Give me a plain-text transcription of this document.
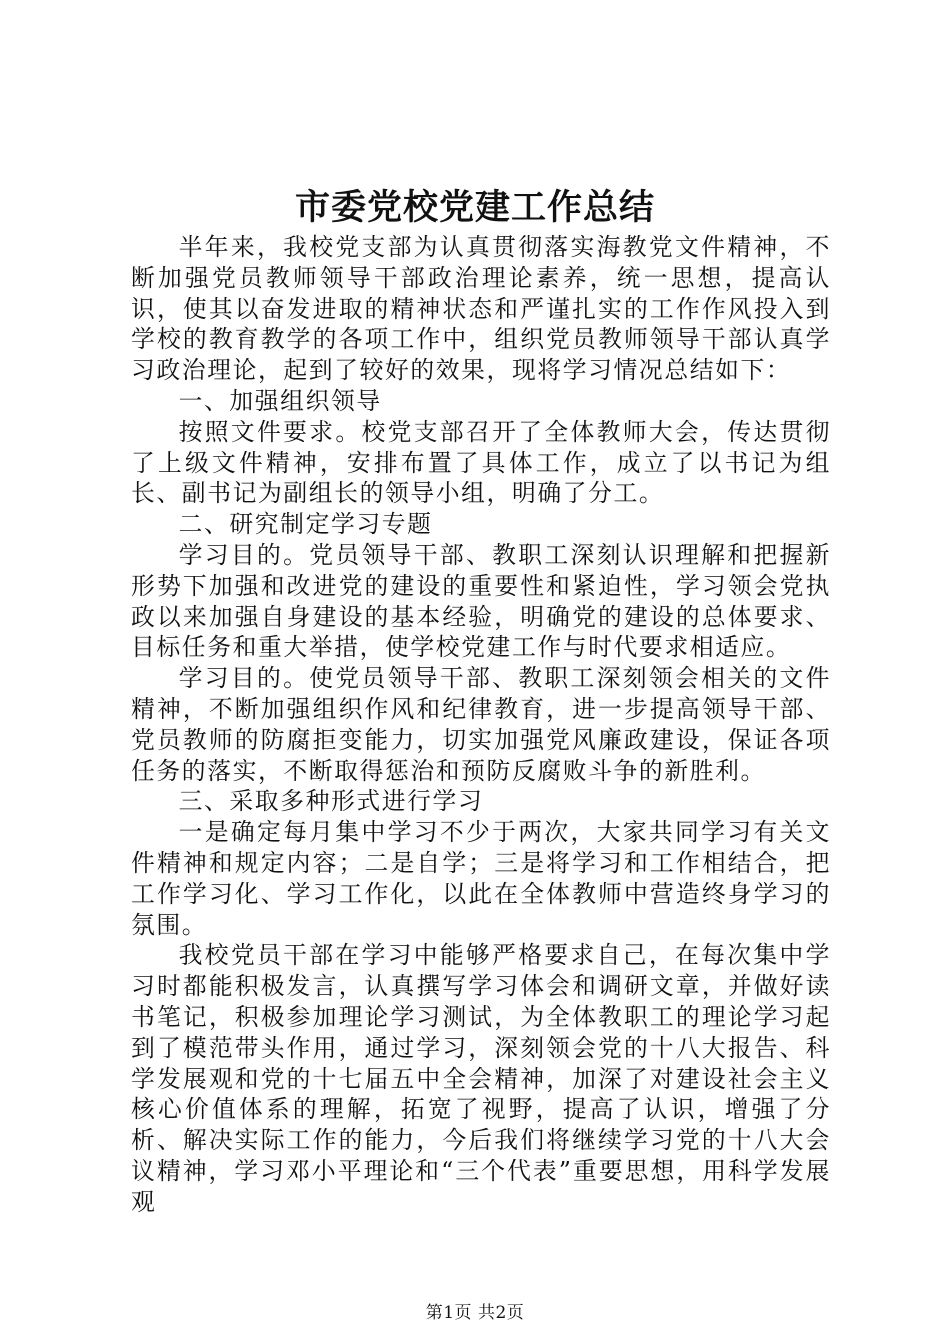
市委党校党建工作总结

半年来，我校党支部为认真贯彻落实海教党文件精神，不断加强党员教师领导干部政治理论素养，统一思想，提高认识，使其以奋发进取的精神状态和严谨扎实的工作作风投入到学校的教育教学的各项工作中，组织党员教师领导干部认真学习政治理论，起到了较好的效果，现将学习情况总结如下：

一、加强组织领导

按照文件要求。校党支部召开了全体教师大会，传达贯彻了上级文件精神，安排布置了具体工作，成立了以书记为组长、副书记为副组长的领导小组，明确了分工。

二、研究制定学习专题

学习目的。党员领导干部、教职工深刻认识理解和把握新形势下加强和改进党的建设的重要性和紧迫性，学习领会党执政以来加强自身建设的基本经验，明确党的建设的总体要求、目标任务和重大举措，使学校党建工作与时代要求相适应。

学习目的。使党员领导干部、教职工深刻领会相关的文件精神，不断加强组织作风和纪律教育，进一步提高领导干部、党员教师的防腐拒变能力，切实加强党风廉政建设，保证各项任务的落实，不断取得惩治和预防反腐败斗争的新胜利。

三、采取多种形式进行学习

一是确定每月集中学习不少于两次，大家共同学习有关文件精神和规定内容；二是自学；三是将学习和工作相结合，把工作学习化、学习工作化，以此在全体教师中营造终身学习的氛围。

我校党员干部在学习中能够严格要求自己，在每次集中学习时都能积极发言，认真撰写学习体会和调研文章，并做好读书笔记，积极参加理论学习测试，为全体教职工的理论学习起到了模范带头作用，通过学习，深刻领会党的十八大报告、科学发展观和党的十七届五中全会精神，加深了对建设社会主义核心价值体系的理解，拓宽了视野，提高了认识，增强了分析、解决实际工作的能力，今后我们将继续学习党的十八大会议精神，学习邓小平理论和“三个代表”重要思想，用科学发展观

第1页 共2页
